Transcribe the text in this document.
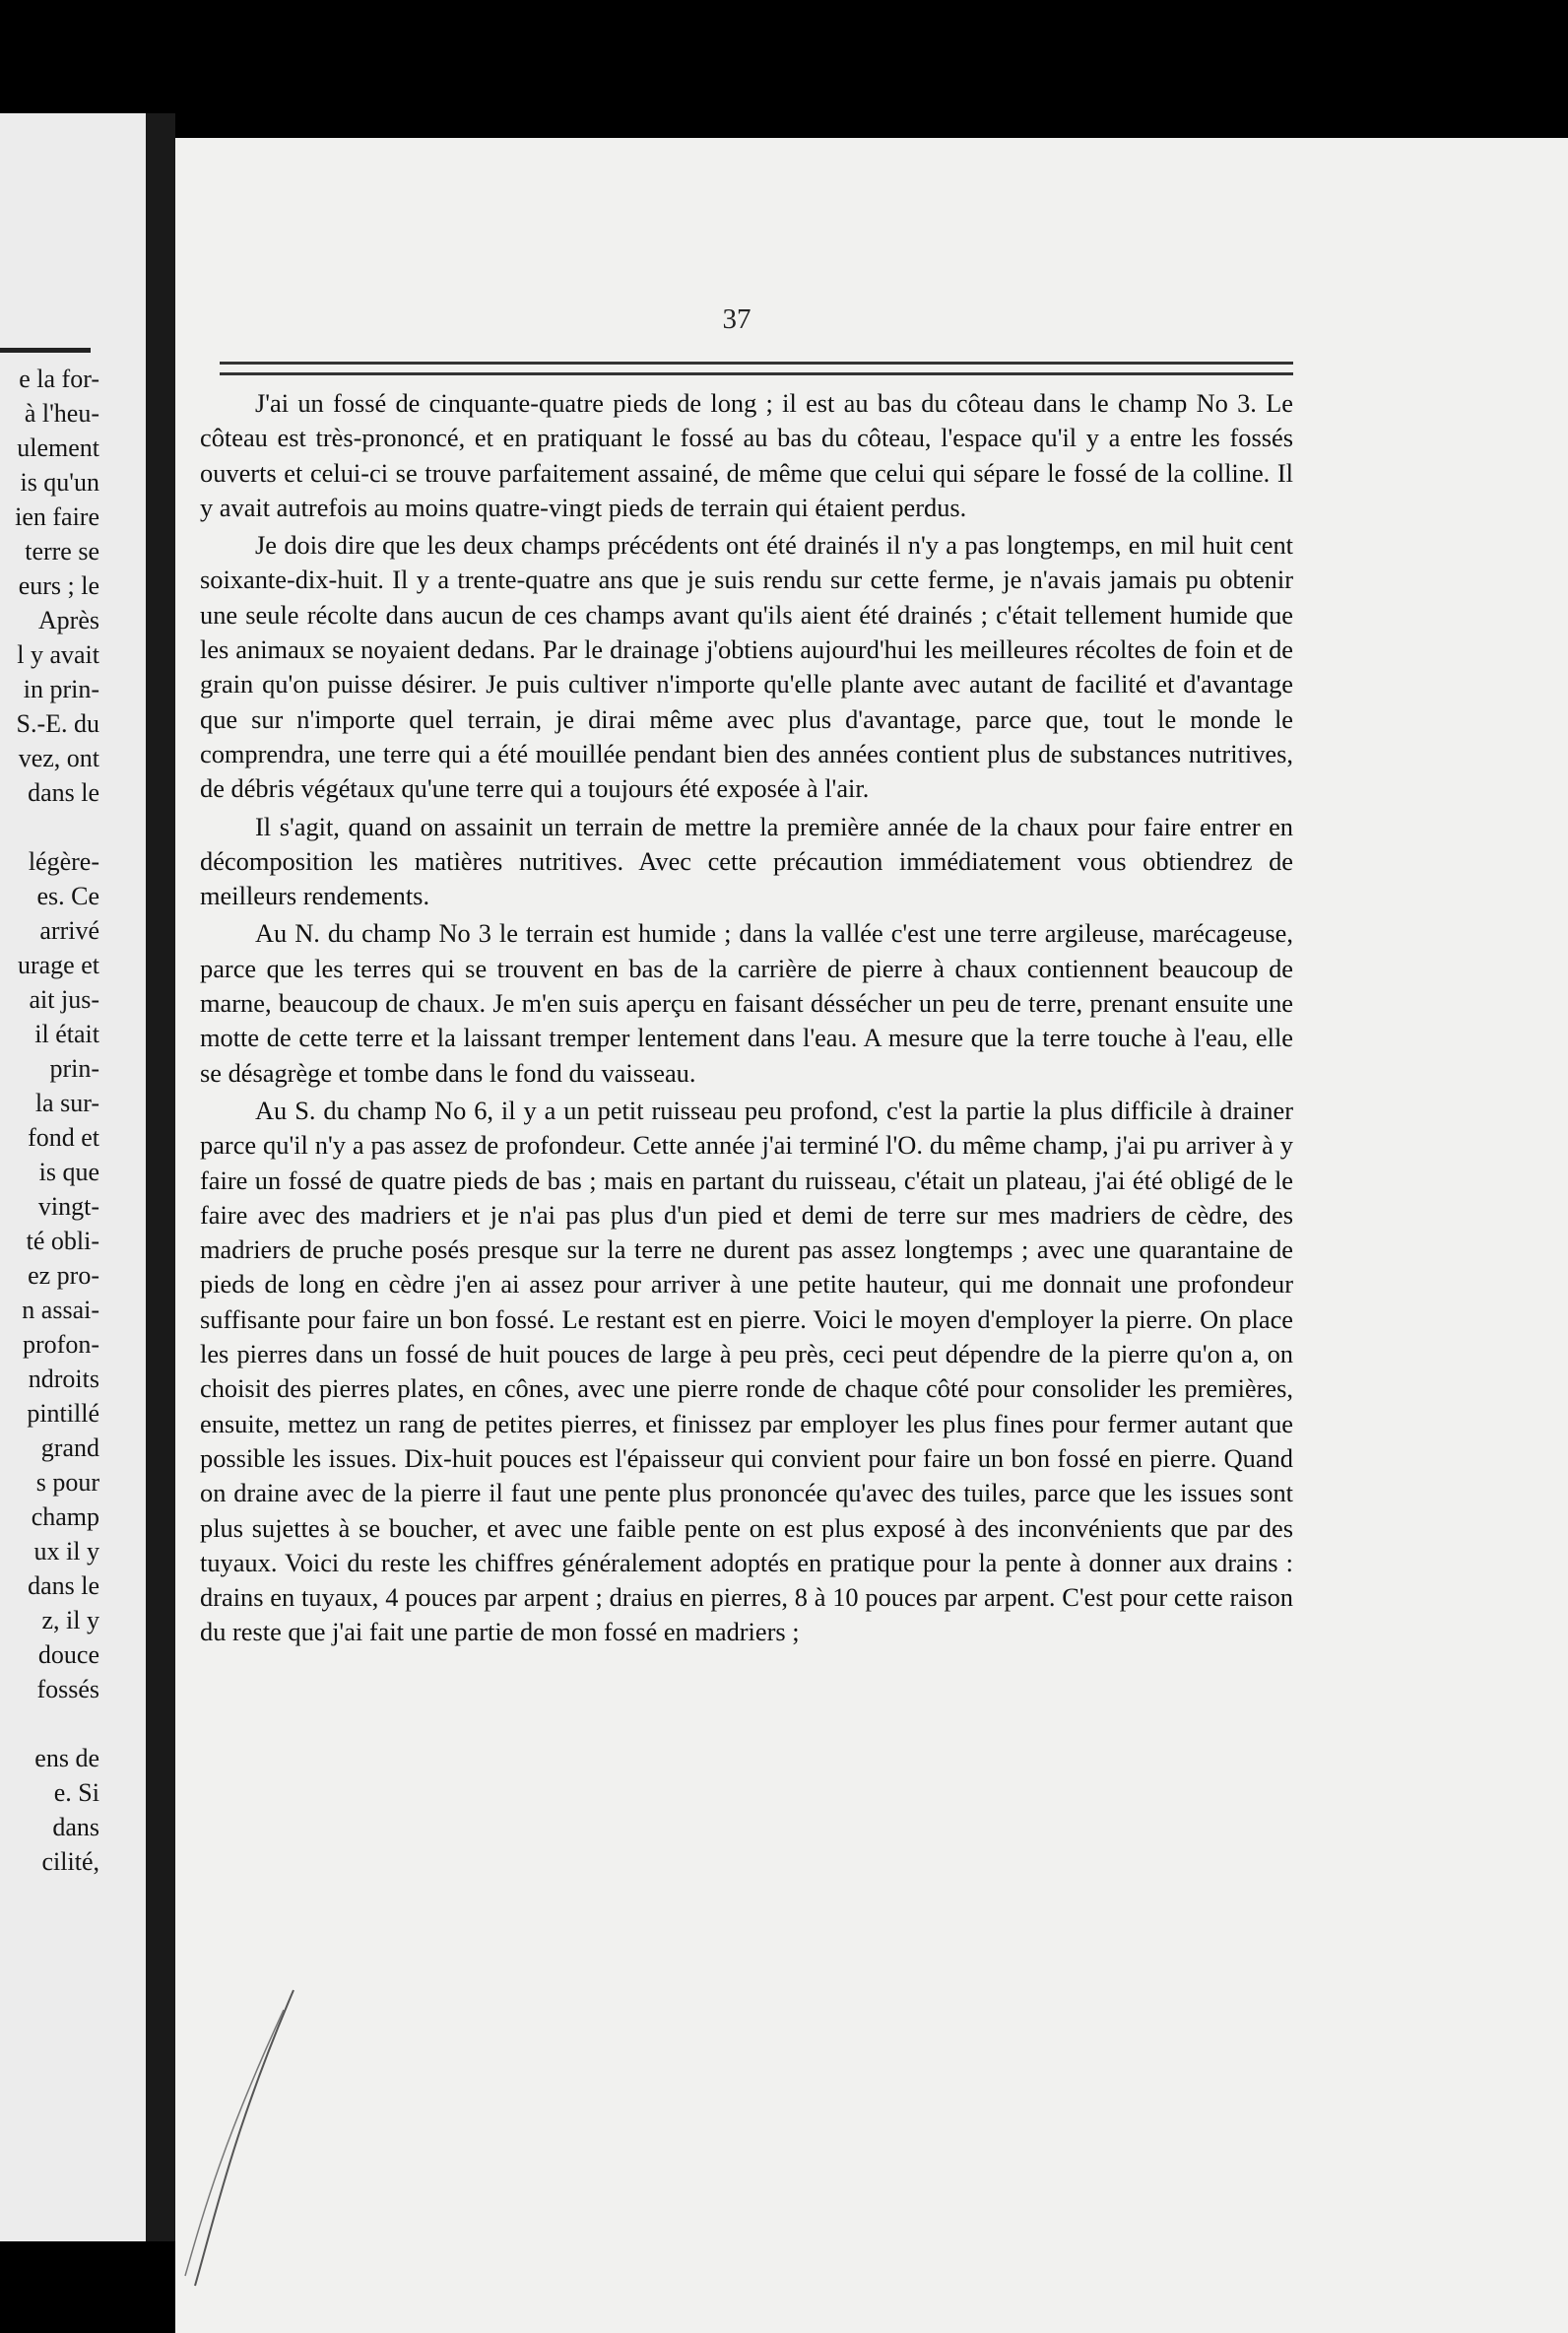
e la for-
à l'heu-
ulement
is qu'un
ien faire
terre se
eurs ; le
Après
l y avait
in prin-
S.-E. du
vez, ont
dans le
légère-
es. Ce
arrivé
urage et
ait jus-
il était
prin-
la sur-
fond et
is que
vingt-
té obli-
ez pro-
n assai-
profon-
ndroits
pintillé
grand
s pour
champ
ux il y
dans le
z, il y
douce
fossés
ens de
e. Si
dans
cilité,
37

J'ai un fossé de cinquante-quatre pieds de long ; il est au bas du côteau dans le champ No 3. Le côteau est très-prononcé, et en pratiquant le fossé au bas du côteau, l'espace qu'il y a entre les fossés ouverts et celui-ci se trouve parfaitement assainé, de même que celui qui sépare le fossé de la colline. Il y avait autrefois au moins quatre-vingt pieds de terrain qui étaient perdus.

Je dois dire que les deux champs précédents ont été drainés il n'y a pas longtemps, en mil huit cent soixante-dix-huit. Il y a trente-quatre ans que je suis rendu sur cette ferme, je n'avais jamais pu obtenir une seule récolte dans aucun de ces champs avant qu'ils aient été drainés ; c'était tellement humide que les animaux se noyaient dedans. Par le drainage j'obtiens aujourd'hui les meilleures récoltes de foin et de grain qu'on puisse désirer. Je puis cultiver n'importe qu'elle plante avec autant de facilité et d'avantage que sur n'importe quel terrain, je dirai même avec plus d'avantage, parce que, tout le monde le comprendra, une terre qui a été mouillée pendant bien des années contient plus de substances nutritives, de débris végétaux qu'une terre qui a toujours été exposée à l'air.

Il s'agit, quand on assainit un terrain de mettre la première année de la chaux pour faire entrer en décomposition les matières nutritives. Avec cette précaution immédiatement vous obtiendrez de meilleurs rendements.

Au N. du champ No 3 le terrain est humide ; dans la vallée c'est une terre argileuse, marécageuse, parce que les terres qui se trouvent en bas de la carrière de pierre à chaux contiennent beaucoup de marne, beaucoup de chaux. Je m'en suis aperçu en faisant déssécher un peu de terre, prenant ensuite une motte de cette terre et la laissant tremper lentement dans l'eau. A mesure que la terre touche à l'eau, elle se désagrège et tombe dans le fond du vaisseau.

Au S. du champ No 6, il y a un petit ruisseau peu profond, c'est la partie la plus difficile à drainer parce qu'il n'y a pas assez de profondeur. Cette année j'ai terminé l'O. du même champ, j'ai pu arriver à y faire un fossé de quatre pieds de bas ; mais en partant du ruisseau, c'était un plateau, j'ai été obligé de le faire avec des madriers et je n'ai pas plus d'un pied et demi de terre sur mes madriers de cèdre, des madriers de pruche posés presque sur la terre ne durent pas assez longtemps ; avec une quarantaine de pieds de long en cèdre j'en ai assez pour arriver à une petite hauteur, qui me donnait une profondeur suffisante pour faire un bon fossé. Le restant est en pierre. Voici le moyen d'employer la pierre. On place les pierres dans un fossé de huit pouces de large à peu près, ceci peut dépendre de la pierre qu'on a, on choisit des pierres plates, en cônes, avec une pierre ronde de chaque côté pour consolider les premières, ensuite, mettez un rang de petites pierres, et finissez par employer les plus fines pour fermer autant que possible les issues. Dix-huit pouces est l'épaisseur qui convient pour faire un bon fossé en pierre. Quand on draine avec de la pierre il faut une pente plus prononcée qu'avec des tuiles, parce que les issues sont plus sujettes à se boucher, et avec une faible pente on est plus exposé à des inconvénients que par des tuyaux. Voici du reste les chiffres généralement adoptés en pratique pour la pente à donner aux drains : drains en tuyaux, 4 pouces par arpent ; draius en pierres, 8 à 10 pouces par arpent. C'est pour cette raison du reste que j'ai fait une partie de mon fossé en madriers ;
